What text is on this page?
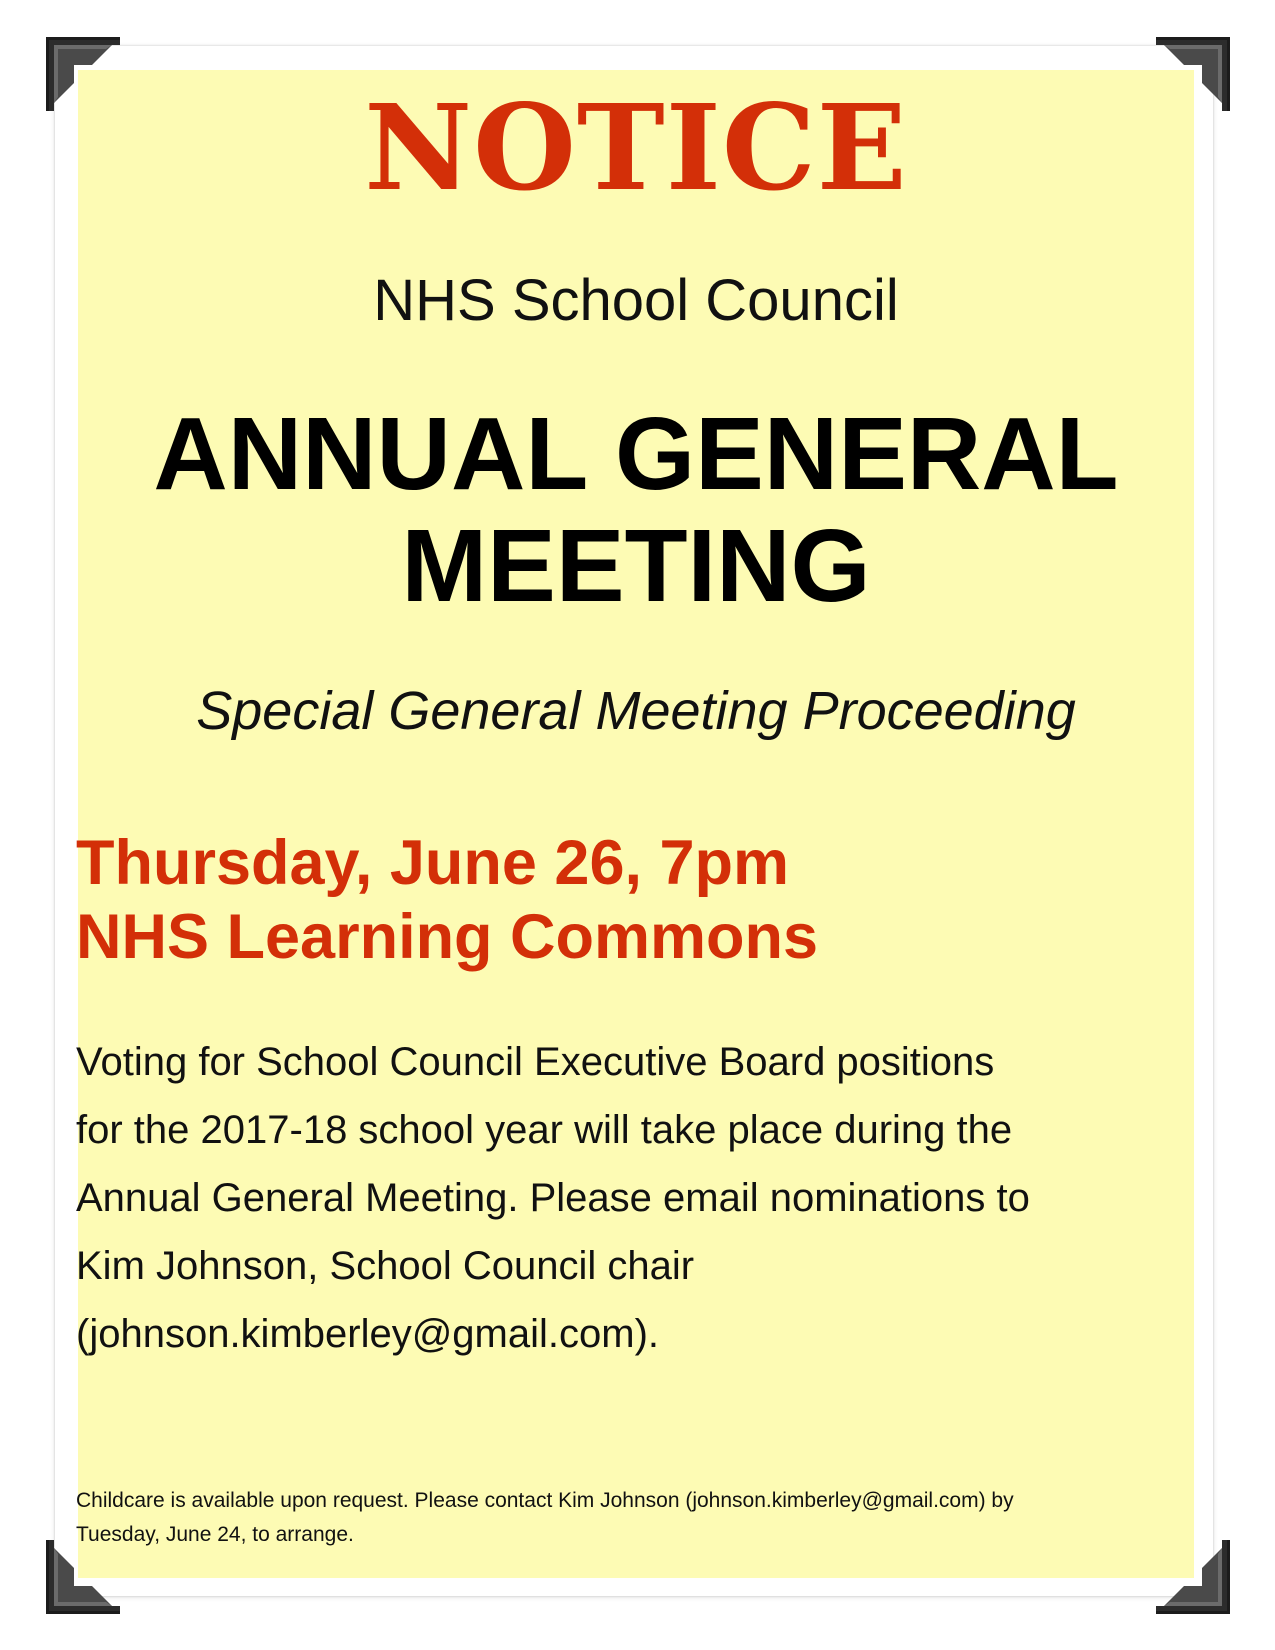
NOTICE

NHS School Council

ANNUAL GENERAL
MEETING

Special General Meeting Proceeding

Thursday, June 26, 7pm
NHS Learning Commons
Voting for School Council Executive Board positions
for the 2017-18 school year will take place during the
Annual General Meeting. Please email nominations to
Kim Johnson, School Council chair
(johnson.kimberley@gmail.com).
Childcare is available upon request. Please contact Kim Johnson (johnson.kimberley@gmail.com) by
Tuesday, June 24, to arrange.
